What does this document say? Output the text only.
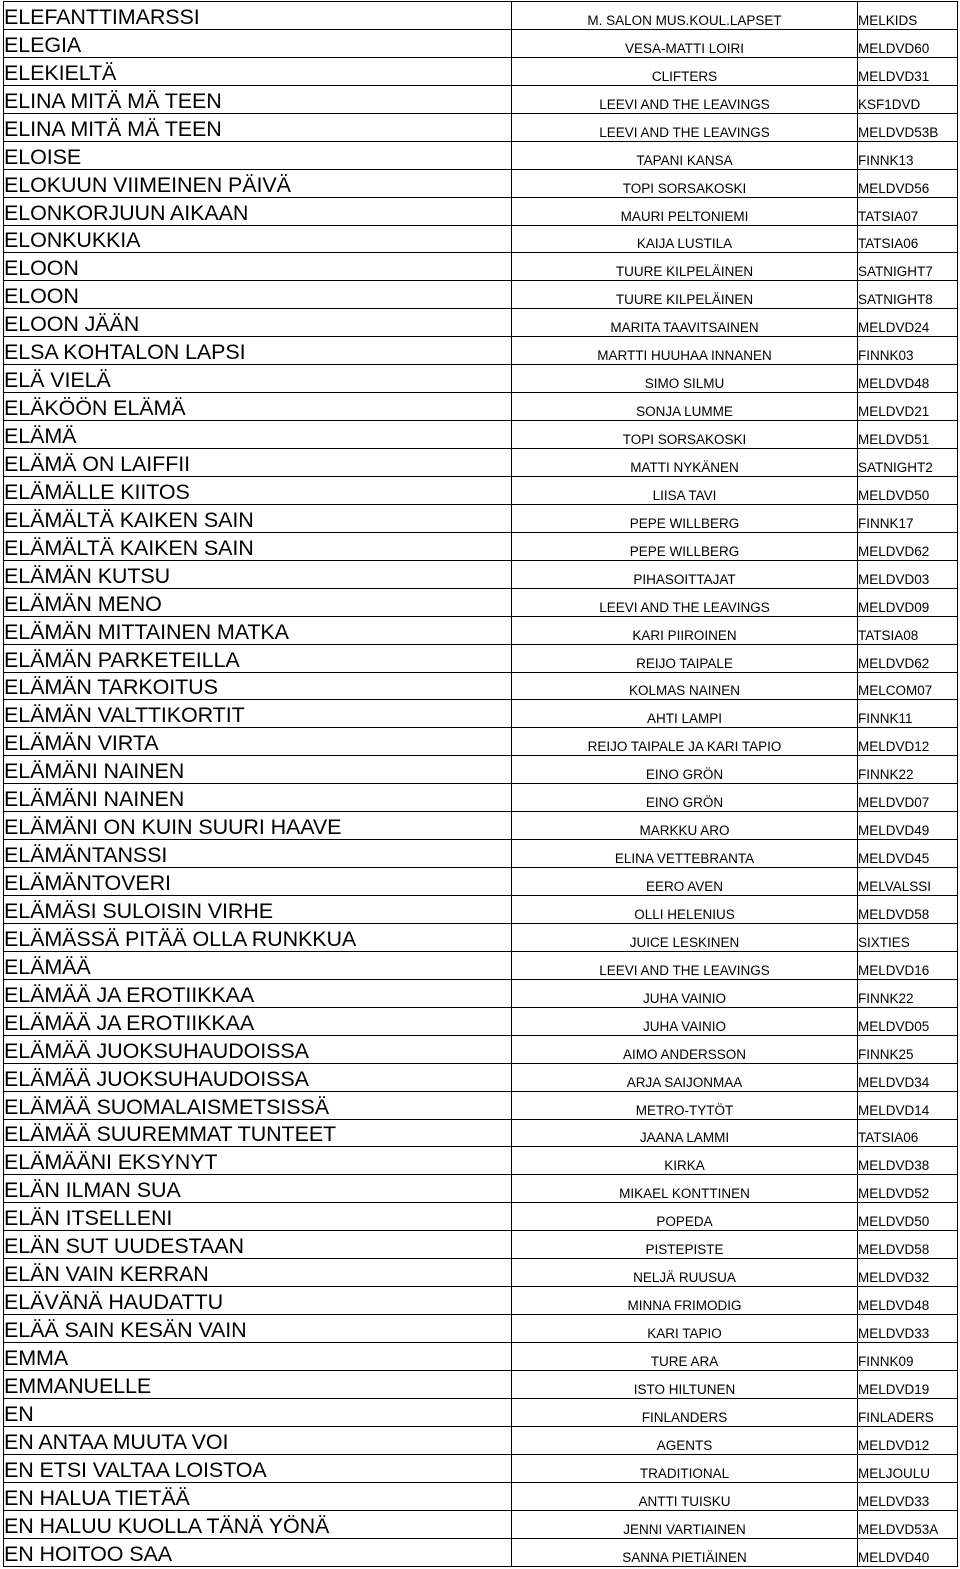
ELEFANTTIMARSSI	M. SALON MUS.KOUL.LAPSET	MELKIDS
ELEGIA	VESA-MATTI LOIRI	MELDVD60
ELEKIELTÄ	CLIFTERS	MELDVD31
ELINA MITÄ MÄ TEEN	LEEVI AND THE LEAVINGS	KSF1DVD
ELINA MITÄ MÄ TEEN	LEEVI AND THE LEAVINGS	MELDVD53B
ELOISE	TAPANI KANSA	FINNK13
ELOKUUN VIIMEINEN PÄIVÄ	TOPI SORSAKOSKI	MELDVD56
ELONKORJUUN AIKAAN	MAURI PELTONIEMI	TATSIA07
ELONKUKKIA	KAIJA LUSTILA	TATSIA06
ELOON	TUURE KILPELÄINEN	SATNIGHT7
ELOON	TUURE KILPELÄINEN	SATNIGHT8
ELOON JÄÄN	MARITA TAAVITSAINEN	MELDVD24
ELSA KOHTALON LAPSI	MARTTI HUUHAA INNANEN	FINNK03
ELÄ VIELÄ	SIMO SILMU	MELDVD48
ELÄKÖÖN ELÄMÄ	SONJA LUMME	MELDVD21
ELÄMÄ	TOPI SORSAKOSKI	MELDVD51
ELÄMÄ ON LAIFFII	MATTI NYKÄNEN	SATNIGHT2
ELÄMÄLLE KIITOS	LIISA TAVI	MELDVD50
ELÄMÄLTÄ KAIKEN SAIN	PEPE WILLBERG	FINNK17
ELÄMÄLTÄ KAIKEN SAIN	PEPE WILLBERG	MELDVD62
ELÄMÄN KUTSU	PIHASOITTAJAT	MELDVD03
ELÄMÄN MENO	LEEVI AND THE LEAVINGS	MELDVD09
ELÄMÄN MITTAINEN MATKA	KARI PIIROINEN	TATSIA08
ELÄMÄN PARKETEILLA	REIJO TAIPALE	MELDVD62
ELÄMÄN TARKOITUS	KOLMAS NAINEN	MELCOM07
ELÄMÄN VALTTIKORTIT	AHTI LAMPI	FINNK11
ELÄMÄN VIRTA	REIJO TAIPALE JA KARI TAPIO	MELDVD12
ELÄMÄNI NAINEN	EINO GRÖN	FINNK22
ELÄMÄNI NAINEN	EINO GRÖN	MELDVD07
ELÄMÄNI ON KUIN SUURI HAAVE	MARKKU ARO	MELDVD49
ELÄMÄNTANSSI	ELINA VETTEBRANTA	MELDVD45
ELÄMÄNTOVERI	EERO AVEN	MELVALSSI
ELÄMÄSI SULOISIN VIRHE	OLLI HELENIUS	MELDVD58
ELÄMÄSSÄ PITÄÄ OLLA RUNKKUA	JUICE LESKINEN	SIXTIES
ELÄMÄÄ	LEEVI AND THE LEAVINGS	MELDVD16
ELÄMÄÄ JA EROTIIKKAA	JUHA VAINIO	FINNK22
ELÄMÄÄ JA EROTIIKKAA	JUHA VAINIO	MELDVD05
ELÄMÄÄ JUOKSUHAUDOISSA	AIMO ANDERSSON	FINNK25
ELÄMÄÄ JUOKSUHAUDOISSA	ARJA SAIJONMAA	MELDVD34
ELÄMÄÄ SUOMALAISMETSISSÄ	METRO-TYTÖT	MELDVD14
ELÄMÄÄ SUUREMMAT TUNTEET	JAANA LAMMI	TATSIA06
ELÄMÄÄNI EKSYNYT	KIRKA	MELDVD38
ELÄN ILMAN SUA	MIKAEL KONTTINEN	MELDVD52
ELÄN ITSELLENI	POPEDA	MELDVD50
ELÄN SUT UUDESTAAN	PISTEPISTE	MELDVD58
ELÄN VAIN KERRAN	NELJÄ RUUSUA	MELDVD32
ELÄVÄNÄ HAUDATTU	MINNA FRIMODIG	MELDVD48
ELÄÄ SAIN KESÄN VAIN	KARI TAPIO	MELDVD33
EMMA	TURE ARA	FINNK09
EMMANUELLE	ISTO HILTUNEN	MELDVD19
EN	FINLANDERS	FINLADERS
EN ANTAA MUUTA VOI	AGENTS	MELDVD12
EN ETSI VALTAA LOISTOA	TRADITIONAL	MELJOULU
EN HALUA TIETÄÄ	ANTTI TUISKU	MELDVD33
EN HALUU KUOLLA TÄNÄ YÖNÄ	JENNI VARTIAINEN	MELDVD53A
EN HOITOO SAA	SANNA PIETIÄINEN	MELDVD40
